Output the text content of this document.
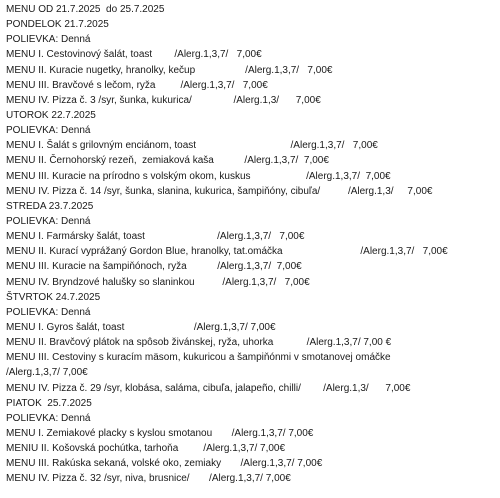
MENU OD 21.7.2025  do 25.7.2025
PONDELOK 21.7.2025
POLIEVKA: Denná
MENU I. Cestovinový šalát, toast        /Alerg.1,3,7/   7,00€
MENU II. Kuracie nugetky, hranolky, kečup                  /Alerg.1,3,7/   7,00€
MENU III. Bravčové s lečom, ryža         /Alerg.1,3,7/   7,00€
MENU IV. Pizza č. 3 /syr, šunka, kukurica/               /Alerg.1,3/      7,00€
UTOROK 22.7.2025
POLIEVKA: Denná
MENU I. Šalát s grilovným enciánom, toast                                  /Alerg.1,3,7/   7,00€
MENU II. Černohorský rezeň,  zemiaková kaša           /Alerg.1,3,7/  7,00€
MENU III. Kuracie na prírodno s volským okom, kuskus                    /Alerg.1,3,7/  7,00€
MENU IV. Pizza č. 14 /syr, šunka, slanina, kukurica, šampiňóny, cibuľa/          /Alerg.1,3/     7,00€
STREDA 23.7.2025
POLIEVKA: Denná
MENU I. Farmársky šalát, toast                          /Alerg.1,3,7/   7,00€
MENU II. Kurací vyprážaný Gordon Blue, hranolky, tat.omáčka                            /Alerg.1,3,7/   7,00€
MENU III. Kuracie na šampiňónoch, ryža           /Alerg.1,3,7/  7,00€
MENU IV. Bryndzové halušky so slaninkou          /Alerg.1,3,7/   7,00€
ŠTVRTOK 24.7.2025
POLIEVKA: Denná
MENU I. Gyros šalát, toast                         /Alerg.1,3,7/ 7,00€
MENU II. Bravčový plátok na spôsob živánskej, ryža, uhorka            /Alerg.1,3,7/ 7,00 €
MENU III. Cestoviny s kuracím mäsom, kukuricou a šampiňónmi v smotanovej omáčke
/Alerg.1,3,7/ 7,00€
MENU IV. Pizza č. 29 /syr, klobása, saláma, cibuľa, jalapeño, chilli/        /Alerg.1,3/      7,00€
PIATOK  25.7.2025
POLIEVKA: Denná
MENU I. Zemiakové placky s kyslou smotanou       /Alerg.1,3,7/ 7,00€
MENIU II. Košovská pochútka, tarhoňa         /Alerg.1,3,7/ 7,00€
MENU III. Rakúska sekaná, volské oko, zemiaky       /Alerg.1,3,7/ 7,00€
MENU IV. Pizza č. 32 /syr, niva, brusnice/       /Alerg.1,3,7/ 7,00€
